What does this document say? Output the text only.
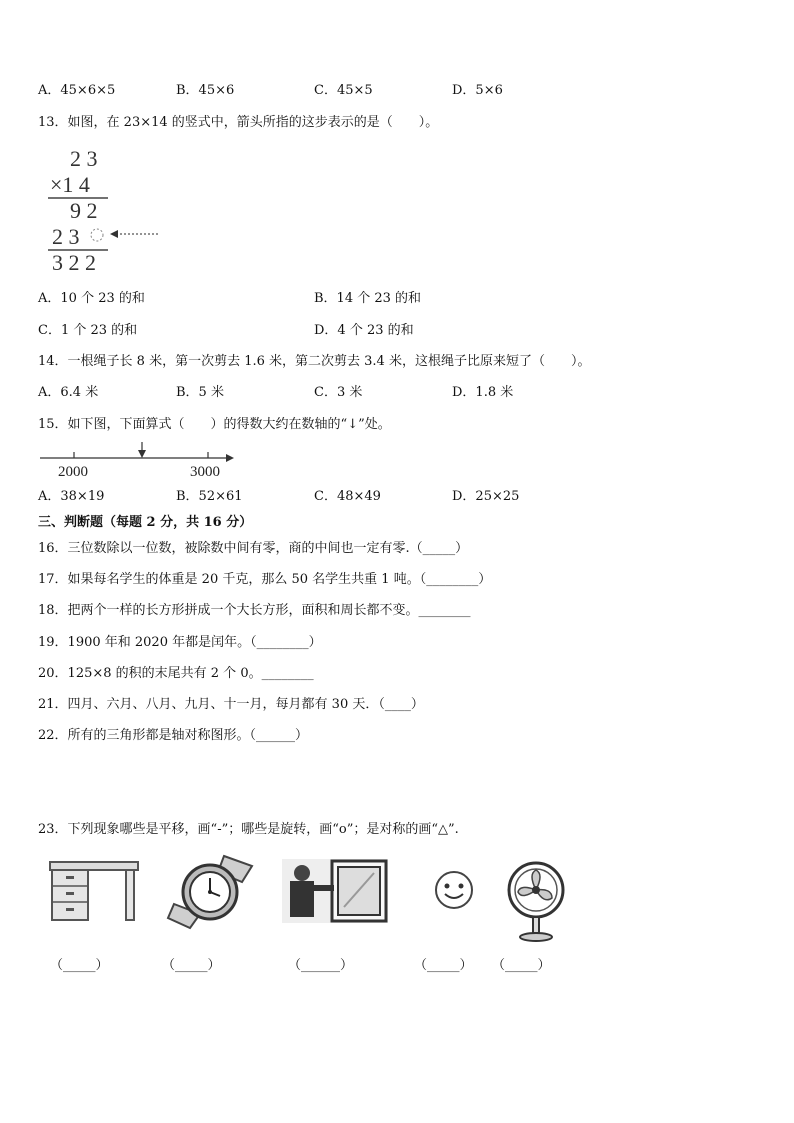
A．45×6×5	B．45×6	C．45×5	D．5×6
13．如图，在 23×14 的竖式中，箭头所指的这步表示的是（　　）。
2 3
×1 4
9 2
2 3
3 2 2
A．10 个 23 的和	B．14 个 23 的和
C．1 个 23 的和	D．4 个 23 的和
14．一根绳子长 8 米，第一次剪去 1.6 米，第二次剪去 3.4 米，这根绳子比原来短了（　　）。
A．6.4 米	B．5 米	C．3 米	D．1.8 米
15．如下图，下面算式（　　）的得数大约在数轴的“↓”处。
2000	3000
A．38×19	B．52×61	C．48×49	D．25×25
三、判断题（每题 2 分，共 16 分）
16．三位数除以一位数，被除数中间有零，商的中间也一定有零.（_____）
17．如果每名学生的体重是 20 千克，那么 50 名学生共重 1 吨。（________）
18．把两个一样的长方形拼成一个大长方形，面积和周长都不变。________
19．1900 年和 2020 年都是闰年。（________）
20．125×8 的积的末尾共有 2 个 0。________
21．四月、六月、八月、九月、十一月，每月都有 30 天．（____）
22．所有的三角形都是轴对称图形。（______）
23．下列现象哪些是平移，画“-”；哪些是旋转，画“o”；是对称的画“△”.
（_____）	（_____）	（______）	（_____） （_____）
